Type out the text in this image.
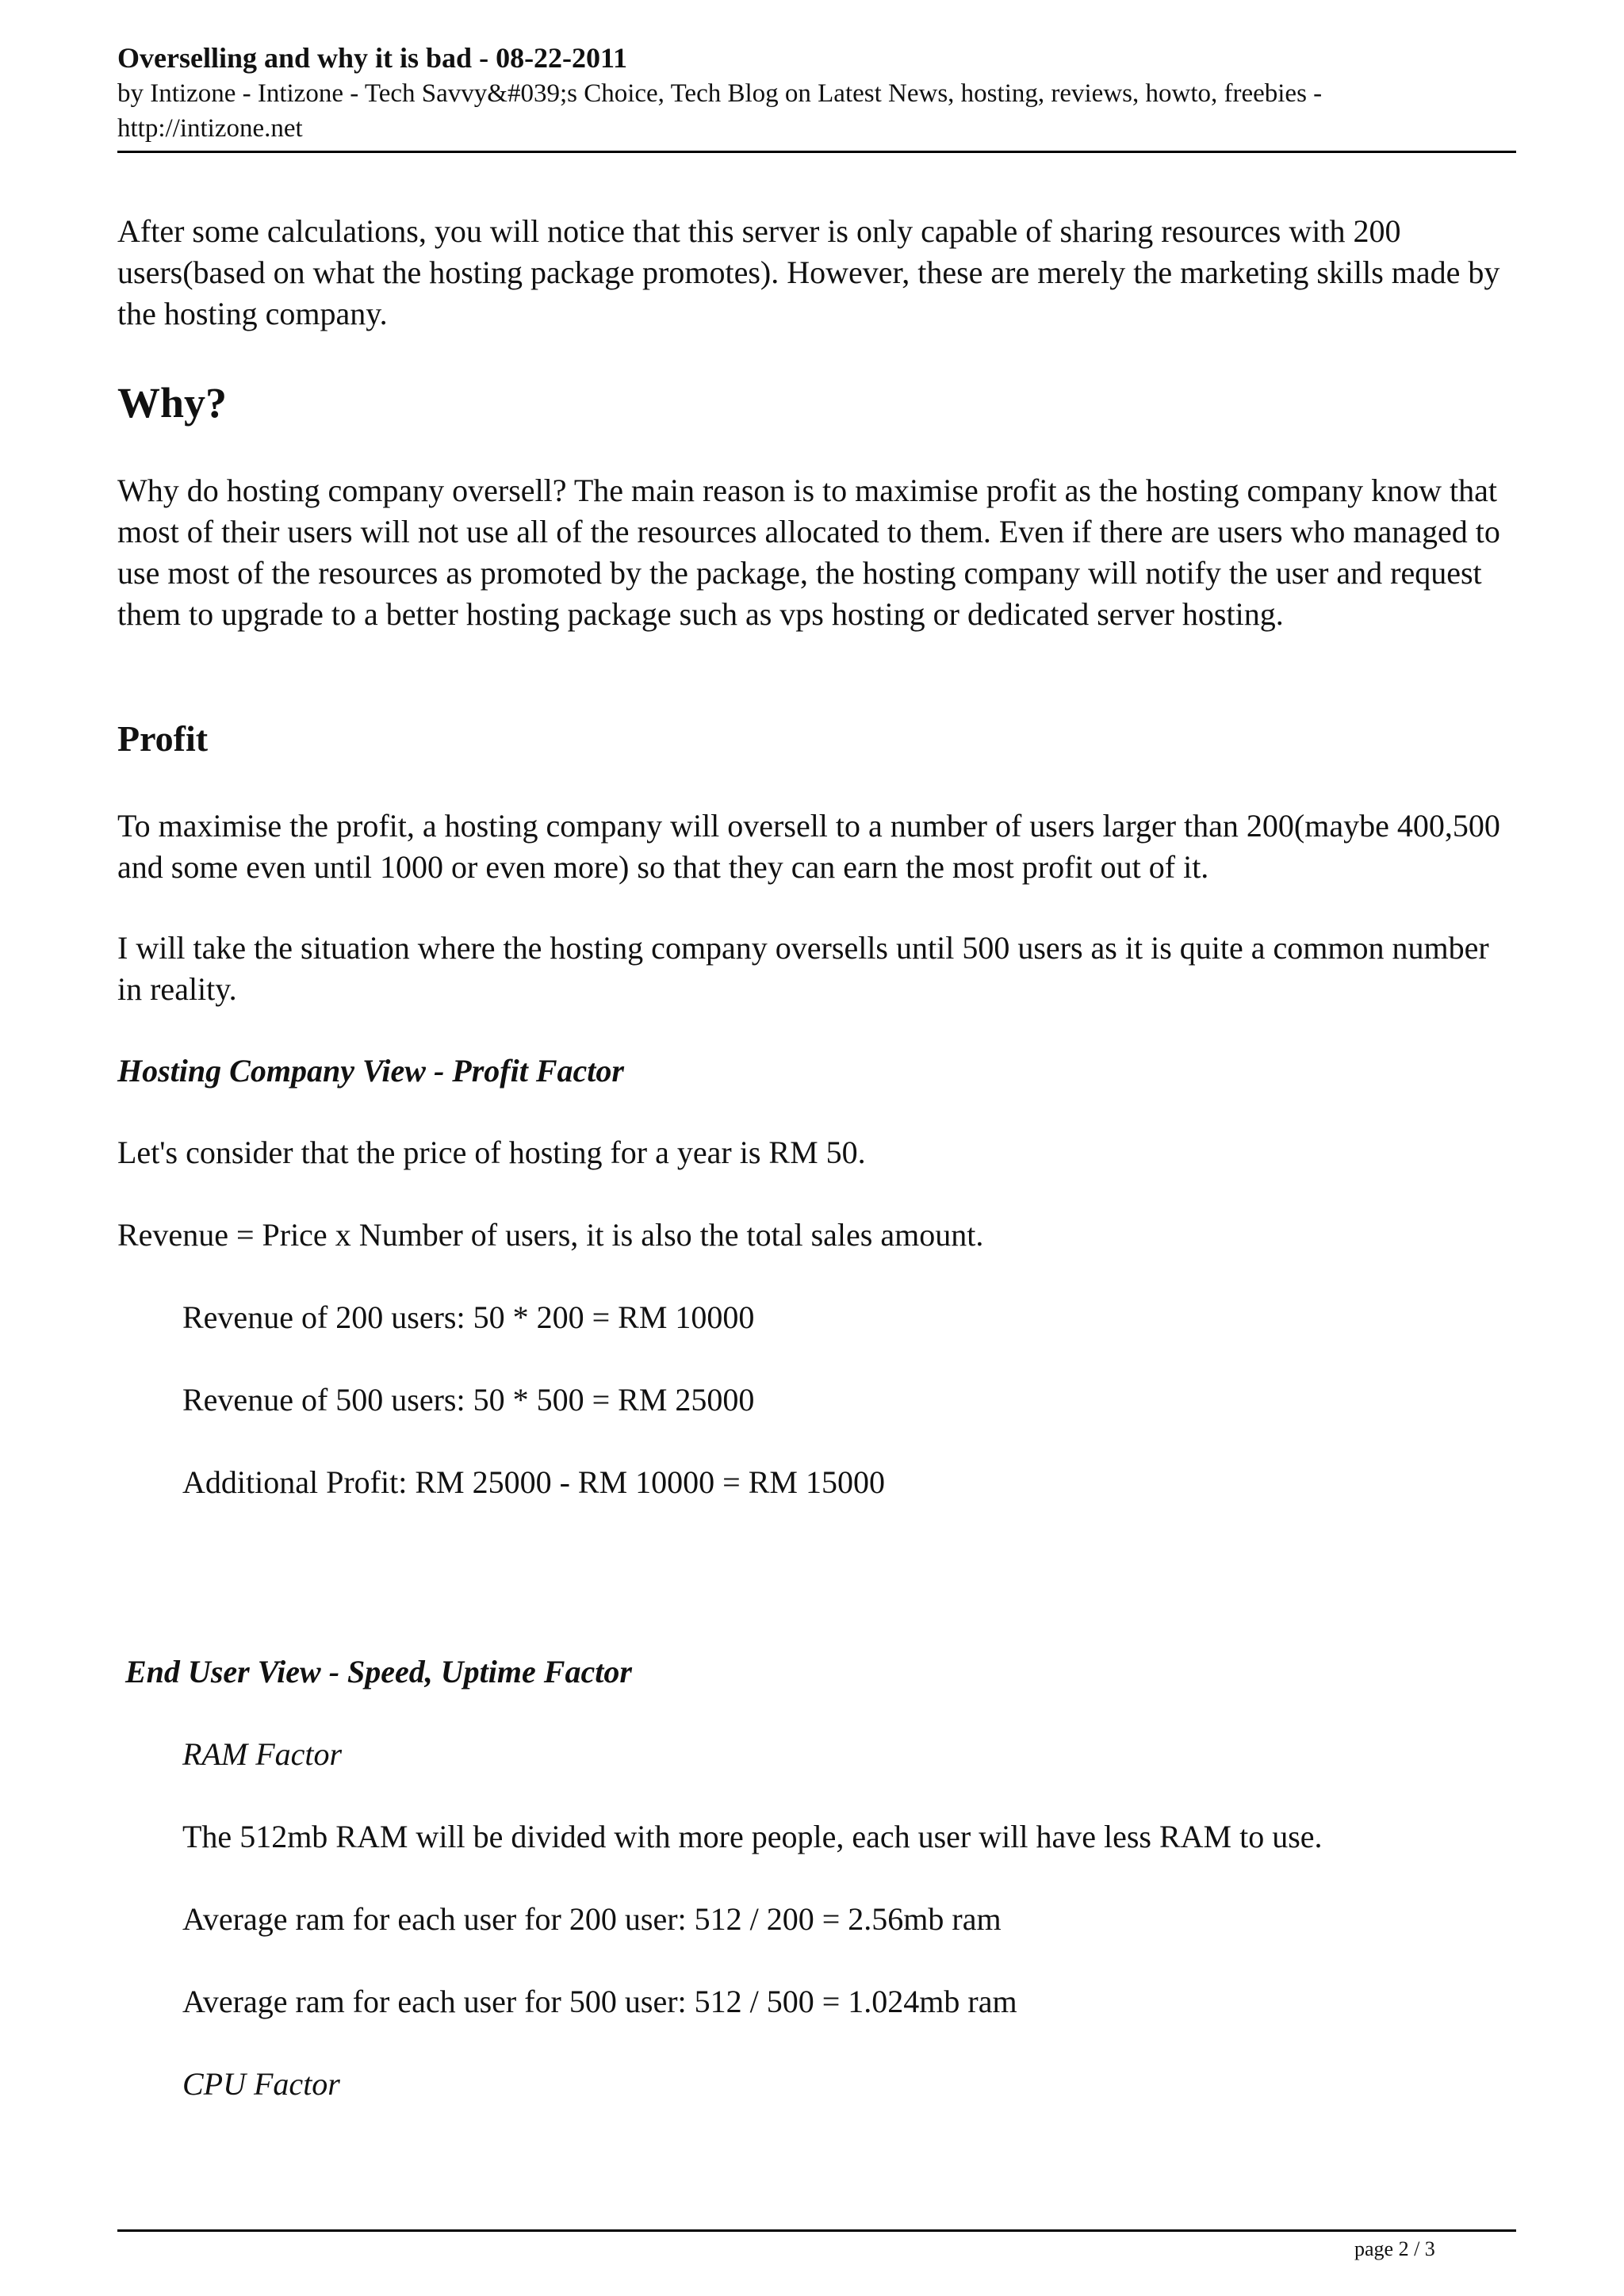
Overselling and why it is bad - 08-22-2011
by Intizone - Intizone - Tech Savvy&#039;s Choice, Tech Blog on Latest News, hosting, reviews, howto, freebies - http://intizone.net

After some calculations, you will notice that this server is only capable of sharing resources with 200 users(based on what the hosting package promotes). However, these are merely the marketing skills made by the hosting company.

Why?

Why do hosting company oversell? The main reason is to maximise profit as the hosting company know that most of their users will not use all of the resources allocated to them. Even if there are users who managed to use most of the resources as promoted by the package, the hosting company will notify the user and request them to upgrade to a better hosting package such as vps hosting or dedicated server hosting.

Profit

To maximise the profit, a hosting company will oversell to a number of users larger than 200(maybe 400,500 and some even until 1000 or even more) so that they can earn the most profit out of it.

I will take the situation where the hosting company oversells until 500 users as it is quite a common number in reality.

Hosting Company View - Profit Factor

Let's consider that the price of hosting for a year is RM 50.

Revenue = Price x Number of users, it is also the total sales amount.

Revenue of 200 users: 50 * 200 = RM 10000

Revenue of 500 users: 50 * 500 = RM 25000

Additional Profit: RM 25000 - RM 10000 = RM 15000

End User View - Speed, Uptime Factor

RAM Factor

The 512mb RAM will be divided with more people, each user will have less RAM to use.

Average ram for each user for 200 user: 512 / 200 = 2.56mb ram

Average ram for each user for 500 user: 512 / 500 = 1.024mb ram

CPU Factor

page 2 / 3
